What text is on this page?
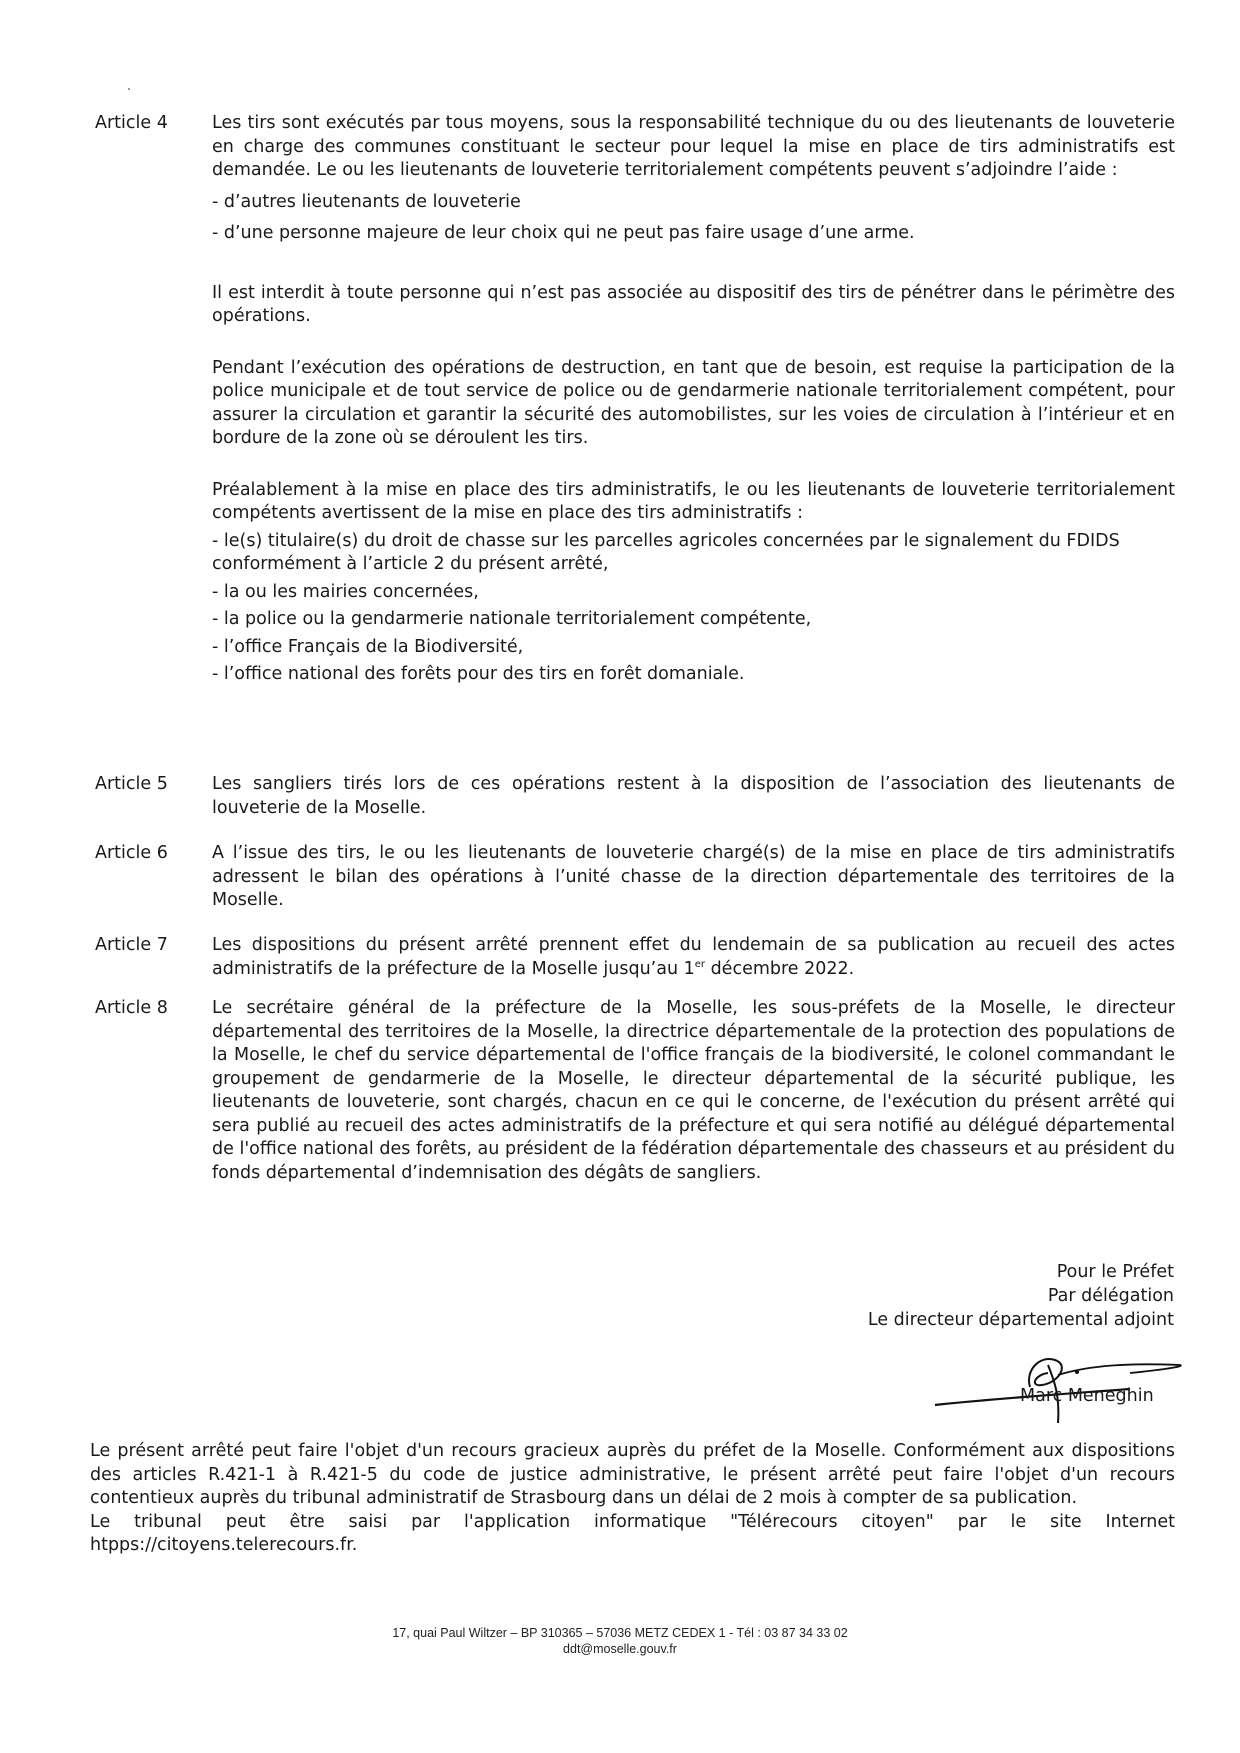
Article 4	Les tirs sont exécutés par tous moyens, sous la responsabilité technique du ou des lieutenants de louveterie en charge des communes constituant le secteur pour lequel la mise en place de tirs administratifs est demandée. Le ou les lieutenants de louveterie territorialement compétents peuvent s’adjoindre l’aide :

- d’autres lieutenants de louveterie

- d’une personne majeure de leur choix qui ne peut pas faire usage d’une arme.

Il est interdit à toute personne qui n’est pas associée au dispositif des tirs de pénétrer dans le périmètre des opérations.

Pendant l’exécution des opérations de destruction, en tant que de besoin, est requise la participation de la police municipale et de tout service de police ou de gendarmerie nationale territorialement compétent, pour assurer la circulation et garantir la sécurité des automobilistes, sur les voies de circulation à l’intérieur et en bordure de la zone où se déroulent les tirs.

Préalablement à la mise en place des tirs administratifs, le ou les lieutenants de louveterie territorialement compétents avertissent de la mise en place des tirs administratifs :

- le(s) titulaire(s) du droit de chasse sur les parcelles agricoles concernées par le signalement du FDIDS conformément à l’article 2 du présent arrêté,

- la ou les mairies concernées,

- la police ou la gendarmerie nationale territorialement compétente,

- l’office Français de la Biodiversité,

- l’office national des forêts pour des tirs en forêt domaniale.

Article 5	Les sangliers tirés lors de ces opérations restent à la disposition de l’association des lieutenants de louveterie de la Moselle.

Article 6	A l’issue des tirs, le ou les lieutenants de louveterie chargé(s) de la mise en place de tirs administratifs adressent le bilan des opérations à l’unité chasse de la direction départementale des territoires de la Moselle.

Article 7	Les dispositions du présent arrêté prennent effet du lendemain de sa publication au recueil des actes administratifs de la préfecture de la Moselle jusqu’au 1er décembre 2022.

Article 8	Le secrétaire général de la préfecture de la Moselle, les sous-préfets de la Moselle, le directeur départemental des territoires de la Moselle, la directrice départementale de la protection des populations de la Moselle, le chef du service départemental de l'office français de la biodiversité, le colonel commandant le groupement de gendarmerie de la Moselle, le directeur départemental de la sécurité publique, les lieutenants de louveterie, sont chargés, chacun en ce qui le concerne, de l'exécution du présent arrêté qui sera publié au recueil des actes administratifs de la préfecture et qui sera notifié au délégué départemental de l'office national des forêts, au président de la fédération départementale des chasseurs et au président du fonds départemental d’indemnisation des dégâts de sangliers.

Pour le Préfet
Par délégation
Le directeur départemental adjoint
Marc Meneghin

Le présent arrêté peut faire l'objet d'un recours gracieux auprès du préfet de la Moselle. Conformément aux dispositions des articles R.421-1 à R.421-5 du code de justice administrative, le présent arrêté peut faire l'objet d'un recours contentieux auprès du tribunal administratif de Strasbourg dans un délai de 2 mois à compter de sa publication.

Le tribunal peut être saisi par l'application informatique "Télérecours citoyen" par le site Internet htpps://citoyens.telerecours.fr.

17, quai Paul Wiltzer – BP 310365 – 57036 METZ CEDEX 1 - Tél : 03 87 34 33 02
ddt@moselle.gouv.fr
